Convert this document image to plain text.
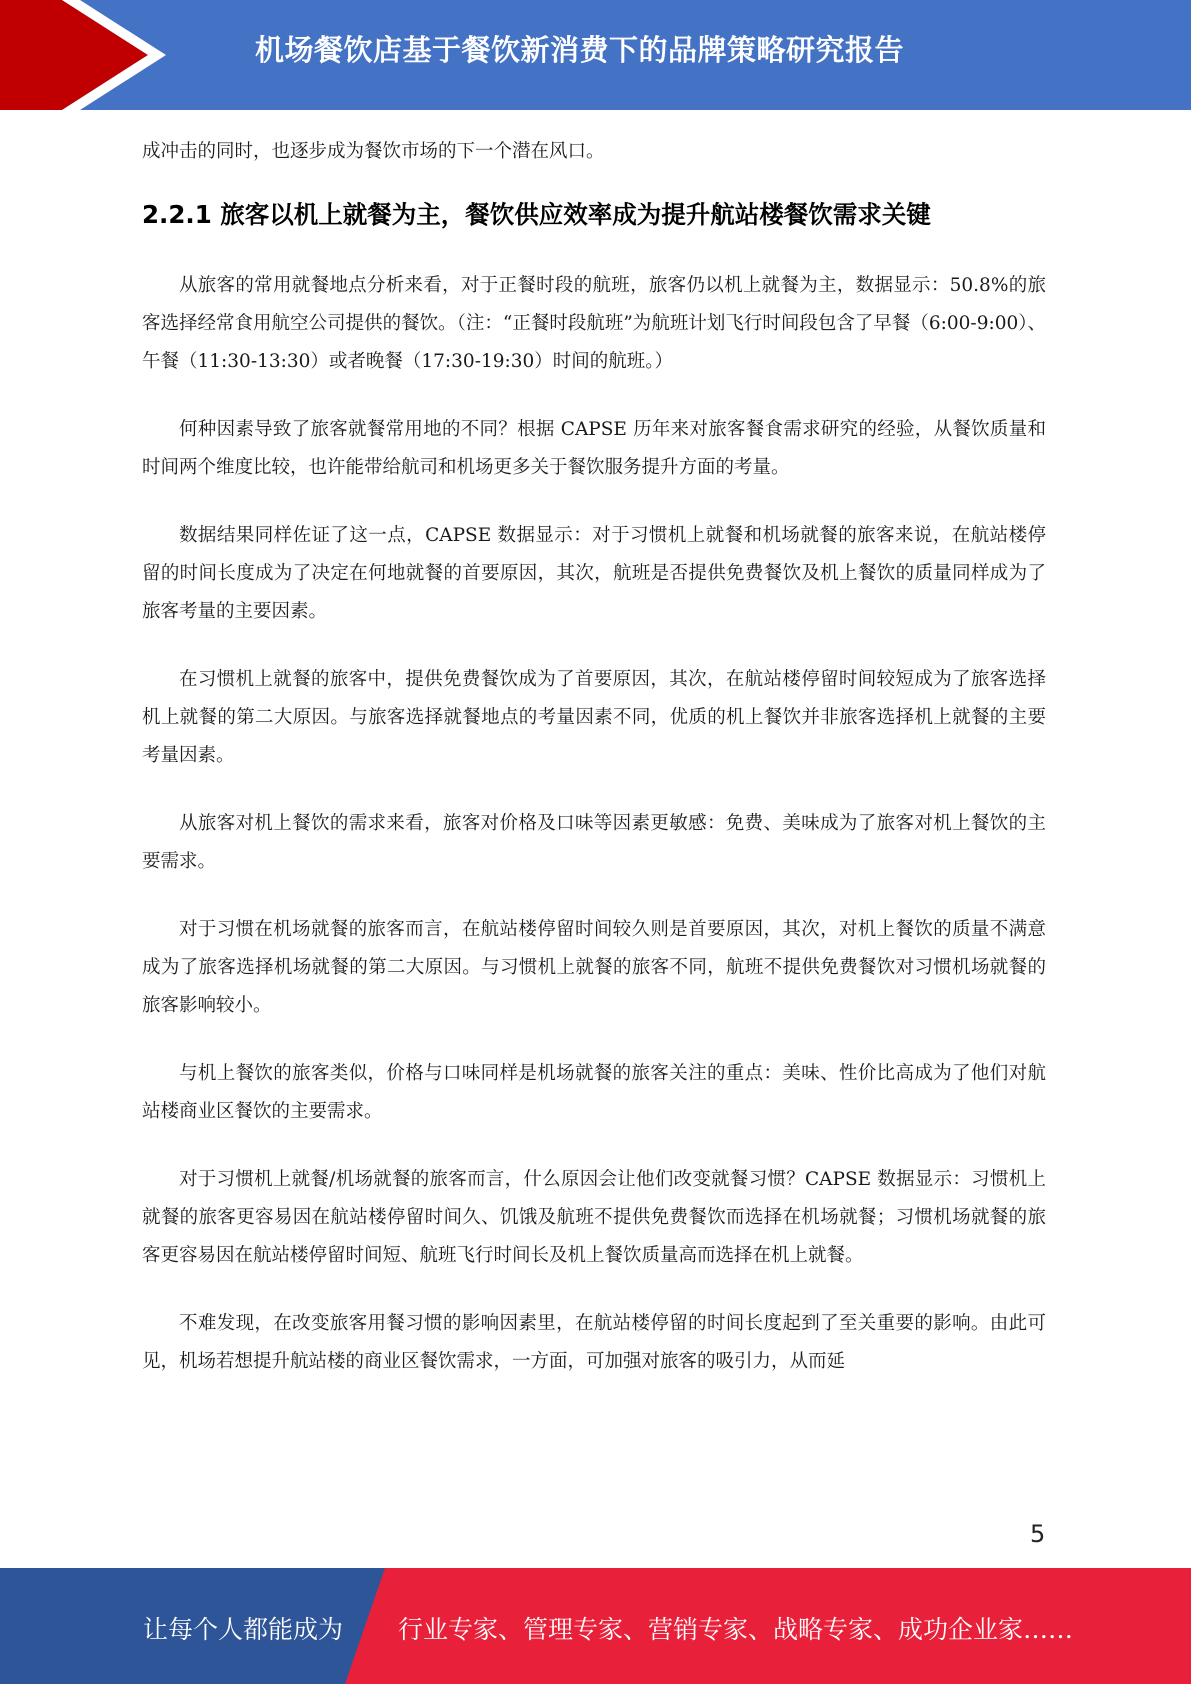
机场餐饮店基于餐饮新消费下的品牌策略研究报告

成冲击的同时，也逐步成为餐饮市场的下一个潜在风口。

2.2.1 旅客以机上就餐为主，餐饮供应效率成为提升航站楼餐饮需求关键

从旅客的常用就餐地点分析来看，对于正餐时段的航班，旅客仍以机上就餐为主，数据显示：50.8%的旅客选择经常食用航空公司提供的餐饮。（注：“正餐时段航班”为航班计划飞行时间段包含了早餐（6:00-9:00）、午餐（11:30-13:30）或者晚餐（17:30-19:30）时间的航班。）

何种因素导致了旅客就餐常用地的不同？根据 CAPSE 历年来对旅客餐食需求研究的经验，从餐饮质量和时间两个维度比较，也许能带给航司和机场更多关于餐饮服务提升方面的考量。

数据结果同样佐证了这一点，CAPSE 数据显示：对于习惯机上就餐和机场就餐的旅客来说，在航站楼停留的时间长度成为了决定在何地就餐的首要原因，其次，航班是否提供免费餐饮及机上餐饮的质量同样成为了旅客考量的主要因素。

在习惯机上就餐的旅客中，提供免费餐饮成为了首要原因，其次，在航站楼停留时间较短成为了旅客选择机上就餐的第二大原因。与旅客选择就餐地点的考量因素不同，优质的机上餐饮并非旅客选择机上就餐的主要考量因素。

从旅客对机上餐饮的需求来看，旅客对价格及口味等因素更敏感：免费、美味成为了旅客对机上餐饮的主要需求。

对于习惯在机场就餐的旅客而言，在航站楼停留时间较久则是首要原因，其次，对机上餐饮的质量不满意成为了旅客选择机场就餐的第二大原因。与习惯机上就餐的旅客不同，航班不提供免费餐饮对习惯机场就餐的旅客影响较小。

与机上餐饮的旅客类似，价格与口味同样是机场就餐的旅客关注的重点：美味、性价比高成为了他们对航站楼商业区餐饮的主要需求。

对于习惯机上就餐/机场就餐的旅客而言，什么原因会让他们改变就餐习惯？CAPSE 数据显示：习惯机上就餐的旅客更容易因在航站楼停留时间久、饥饿及航班不提供免费餐饮而选择在机场就餐；习惯机场就餐的旅客更容易因在航站楼停留时间短、航班飞行时间长及机上餐饮质量高而选择在机上就餐。

不难发现，在改变旅客用餐习惯的影响因素里，在航站楼停留的时间长度起到了至关重要的影响。由此可见，机场若想提升航站楼的商业区餐饮需求，一方面，可加强对旅客的吸引力，从而延

5
让每个人都能成为 行业专家、管理专家、营销专家、战略专家、成功企业家……
